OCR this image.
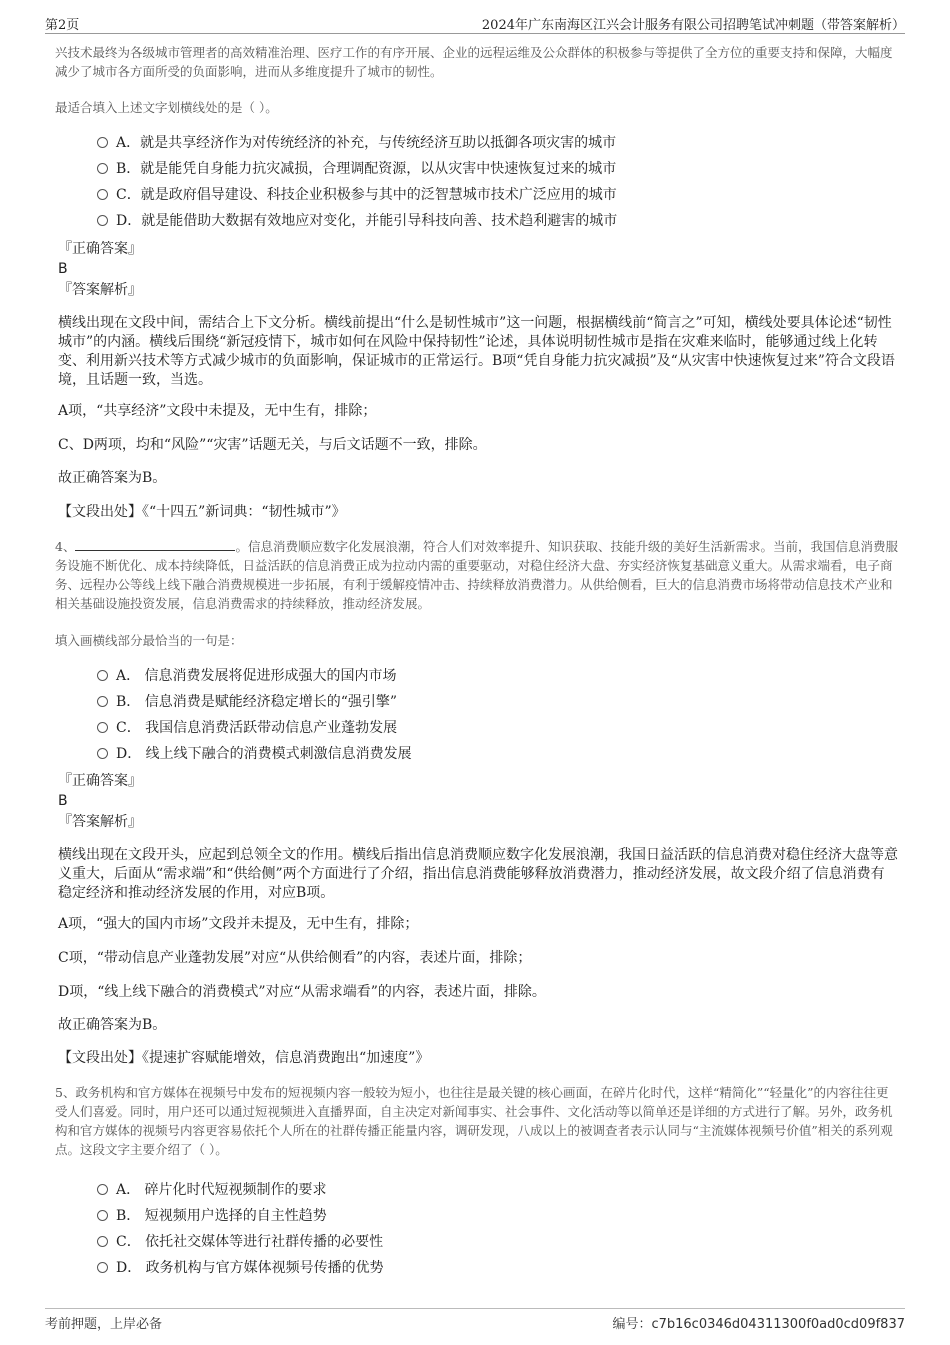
第2页	2024年广东南海区江兴会计服务有限公司招聘笔试冲刺题（带答案解析）

兴技术最终为各级城市管理者的高效精准治理、医疗工作的有序开展、企业的远程运维及公众群体的积极参与等提供了全方位的重要支持和保障，大幅度减少了城市各方面所受的负面影响，进而从多维度提升了城市的韧性。

最适合填入上述文字划横线处的是（ ）。

A．就是共享经济作为对传统经济的补充，与传统经济互助以抵御各项灾害的城市
B．就是能凭自身能力抗灾减损，合理调配资源，以从灾害中快速恢复过来的城市
C．就是政府倡导建设、科技企业积极参与其中的泛智慧城市技术广泛应用的城市
D．就是能借助大数据有效地应对变化，并能引导科技向善、技术趋利避害的城市
『正确答案』
B
『答案解析』

横线出现在文段中间，需结合上下文分析。横线前提出“什么是韧性城市”这一问题，根据横线前“简言之”可知，横线处要具体论述“韧性城市”的内涵。横线后围绕“新冠疫情下，城市如何在风险中保持韧性”论述，具体说明韧性城市是指在灾难来临时，能够通过线上化转变、利用新兴技术等方式减少城市的负面影响，保证城市的正常运行。B项“凭自身能力抗灾减损”及“从灾害中快速恢复过来”符合文段语境，且话题一致，当选。

A项，“共享经济”文段中未提及，无中生有，排除；

C、D两项，均和“风险”“灾害”话题无关，与后文话题不一致，排除。

故正确答案为B。

【文段出处】《“十四五”新词典：“韧性城市”》

4、	。信息消费顺应数字化发展浪潮，符合人们对效率提升、知识获取、技能升级的美好生活新需求。当前，我国信息消费服务设施不断优化、成本持续降低，日益活跃的信息消费正成为拉动内需的重要驱动，对稳住经济大盘、夯实经济恢复基础意义重大。从需求端看，电子商务、远程办公等线上线下融合消费规模进一步拓展，有利于缓解疫情冲击、持续释放消费潜力。从供给侧看，巨大的信息消费市场将带动信息技术产业和相关基础设施投资发展，信息消费需求的持续释放，推动经济发展。

填入画横线部分最恰当的一句是：

A． 信息消费发展将促进形成强大的国内市场
B． 信息消费是赋能经济稳定增长的“强引擎”
C． 我国信息消费活跃带动信息产业蓬勃发展
D． 线上线下融合的消费模式刺激信息消费发展
『正确答案』
B
『答案解析』

横线出现在文段开头，应起到总领全文的作用。横线后指出信息消费顺应数字化发展浪潮，我国日益活跃的信息消费对稳住经济大盘等意义重大，后面从“需求端”和“供给侧”两个方面进行了介绍，指出信息消费能够释放消费潜力，推动经济发展，故文段介绍了信息消费有稳定经济和推动经济发展的作用，对应B项。

A项，“强大的国内市场”文段并未提及，无中生有，排除；

C项，“带动信息产业蓬勃发展”对应“从供给侧看”的内容，表述片面，排除；

D项，“线上线下融合的消费模式”对应“从需求端看”的内容，表述片面，排除。

故正确答案为B。

【文段出处】《提速扩容赋能增效，信息消费跑出“加速度”》

5、政务机构和官方媒体在视频号中发布的短视频内容一般较为短小，也往往是最关键的核心画面，在碎片化时代，这样“精简化”“轻量化”的内容往往更受人们喜爱。同时，用户还可以通过短视频进入直播界面，自主决定对新闻事实、社会事件、文化活动等以简单还是详细的方式进行了解。另外，政务机构和官方媒体的视频号内容更容易依托个人所在的社群传播正能量内容，调研发现，八成以上的被调查者表示认同与“主流媒体视频号价值”相关的系列观点。这段文字主要介绍了（ ）。

A． 碎片化时代短视频制作的要求
B． 短视频用户选择的自主性趋势
C． 依托社交媒体等进行社群传播的必要性
D． 政务机构与官方媒体视频号传播的优势
考前押题，上岸必备	编号：c7b16c0346d04311300f0ad0cd09f837
